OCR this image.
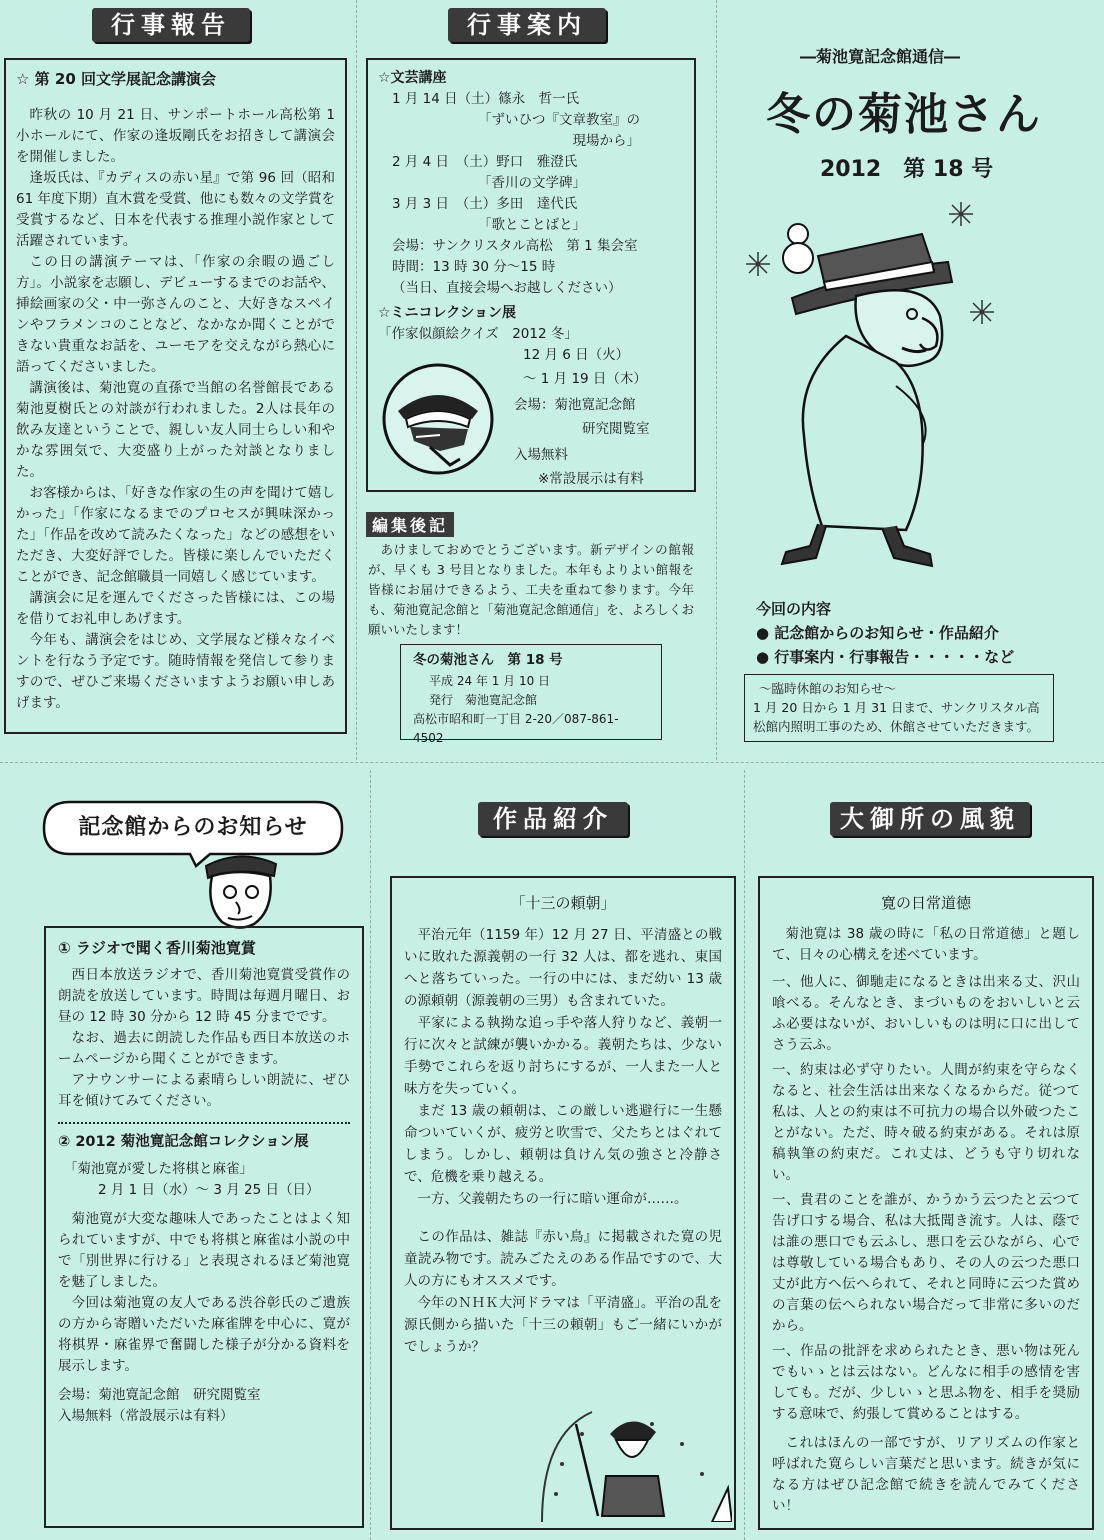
行事報告
☆ 第 20 回文学展記念講演会

昨秋の 10 月 21 日、サンポートホール高松第 1 小ホールにて、作家の逢坂剛氏をお招きして講演会を開催しました。

逢坂氏は、『カディスの赤い星』で第 96 回（昭和 61 年度下期）直木賞を受賞、他にも数々の文学賞を受賞するなど、日本を代表する推理小説作家として活躍されています。

この日の講演テーマは、「作家の余暇の過ごし方」。小説家を志願し、デビューするまでのお話や、挿絵画家の父・中一弥さんのこと、大好きなスペインやフラメンコのことなど、なかなか聞くことができない貴重なお話を、ユーモアを交えながら熱心に語ってくださいました。

講演後は、菊池寛の直孫で当館の名誉館長である菊池夏樹氏との対談が行われました。2人は長年の飲み友達ということで、親しい友人同士らしい和やかな雰囲気で、大変盛り上がった対談となりました。

お客様からは、「好きな作家の生の声を聞けて嬉しかった」「作家になるまでのプロセスが興味深かった」「作品を改めて読みたくなった」などの感想をいただき、大変好評でした。皆様に楽しんでいただくことができ、記念館職員一同嬉しく感じています。

講演会に足を運んでくださった皆様には、この場を借りてお礼申しあげます。

今年も、講演会をはじめ、文学展など様々なイベントを行なう予定です。随時情報を発信して参りますので、ぜひご来場くださいますようお願い申しあげます。

行事案内
☆文芸講座
1 月 14 日（土）篠永　哲一氏
「ずいひつ『文章教室』の
　　　　　　　現場から」
2 月 4 日　（土）野口　雅澄氏
「香川の文学碑」
3 月 3 日　（土）多田　達代氏
「歌とことばと」
会場：サンクリスタル高松　第 1 集会室
時間：13 時 30 分～15 時
（当日、直接会場へお越しください）
☆ミニコレクション展
「作家似顔絵クイズ　2012 冬」
12 月 6 日（火）
～ 1 月 19 日（木）
会場：菊池寛記念館
研究閲覧室
入場無料
※常設展示は有料
編集後記

あけましておめでとうございます。新デザインの館報が、早くも 3 号目となりました。本年もよりよい館報を皆様にお届けできるよう、工夫を重ねて参ります。今年も、菊池寛記念館と「菊池寛記念館通信」を、よろしくお願いいたします！

冬の菊池さん　第 18 号
平成 24 年 1 月 10 日
発行　菊池寛記念館
高松市昭和町一丁目 2-20／087-861-4502
―菊池寛記念館通信―
冬の菊池さん
2012　第 18 号
今回の内容
● 記念館からのお知らせ・作品紹介
● 行事案内・行事報告・・・・・など
～臨時休館のお知らせ～
1 月 20 日から 1 月 31 日まで、サンクリスタル高松館内照明工事のため、休館させていただきます。
記念館からのお知らせ
① ラジオで聞く香川菊池寛賞

西日本放送ラジオで、香川菊池寛賞受賞作の朗読を放送しています。時間は毎週月曜日、お昼の 12 時 30 分から 12 時 45 分までです。

なお、過去に朗読した作品も西日本放送のホームページから聞くことができます。

アナウンサーによる素晴らしい朗読に、ぜひ耳を傾けてみてください。

② 2012 菊池寛記念館コレクション展
「菊池寛が愛した将棋と麻雀」
2 月 1 日（水）～ 3 月 25 日（日）

菊池寛が大変な趣味人であったことはよく知られていますが、中でも将棋と麻雀は小説の中で「別世界に行ける」と表現されるほど菊池寛を魅了しました。

今回は菊池寛の友人である渋谷彰氏のご遺族の方から寄贈いただいた麻雀牌を中心に、寛が将棋界・麻雀界で奮闘した様子が分かる資料を展示します。

会場：菊池寛記念館　研究閲覧室
入場無料（常設展示は有料）
作品紹介
「十三の頼朝」

平治元年（1159 年）12 月 27 日、平清盛との戦いに敗れた源義朝の一行 32 人は、都を逃れ、東国へと落ちていった。一行の中には、まだ幼い 13 歳の源頼朝（源義朝の三男）も含まれていた。

平家による執拗な追っ手や落人狩りなど、義朝一行に次々と試練が襲いかかる。義朝たちは、少ない手勢でこれらを返り討ちにするが、一人また一人と味方を失っていく。

まだ 13 歳の頼朝は、この厳しい逃避行に一生懸命ついていくが、疲労と吹雪で、父たちとはぐれてしまう。しかし、頼朝は負けん気の強さと冷静さで、危機を乗り越える。

一方、父義朝たちの一行に暗い運命が……。

この作品は、雑誌『赤い鳥』に掲載された寛の児童読み物です。読みごたえのある作品ですので、大人の方にもオススメです。

今年のＮＨＫ大河ドラマは「平清盛」。平治の乱を源氏側から描いた「十三の頼朝」もご一緒にいかがでしょうか？

大御所の風貌
寛の日常道徳

菊池寛は 38 歳の時に「私の日常道徳」と題して、日々の心構えを述べています。

一、他人に、御馳走になるときは出来る丈、沢山喰べる。そんなとき、まづいものをおいしいと云ふ必要はないが、おいしいものは明に口に出してさう云ふ。

一、約束は必ず守りたい。人間が約束を守らなくなると、社会生活は出来なくなるからだ。従つて私は、人との約束は不可抗力の場合以外破つたことがない。ただ、時々破る約束がある。それは原稿執筆の約束だ。これ丈は、どうも守り切れない。

一、貴君のことを誰が、かうかう云つたと云つて告げ口する場合、私は大抵聞き流す。人は、蔭では誰の悪口でも云ふし、悪口を云ひながら、心では尊敬している場合もあり、その人の云つた悪口丈が此方へ伝へられて、それと同時に云つた賞めの言葉の伝へられない場合だって非常に多いのだから。

一、作品の批評を求められたとき、悪い物は死んでもいゝとは云はない。どんなに相手の感情を害しても。だが、少しいゝと思ふ物を、相手を奨励する意味で、約張して賞めることはする。

これはほんの一部ですが、リアリズムの作家と呼ばれた寛らしい言葉だと思います。続きが気になる方はぜひ記念館で続きを読んでみてください！
